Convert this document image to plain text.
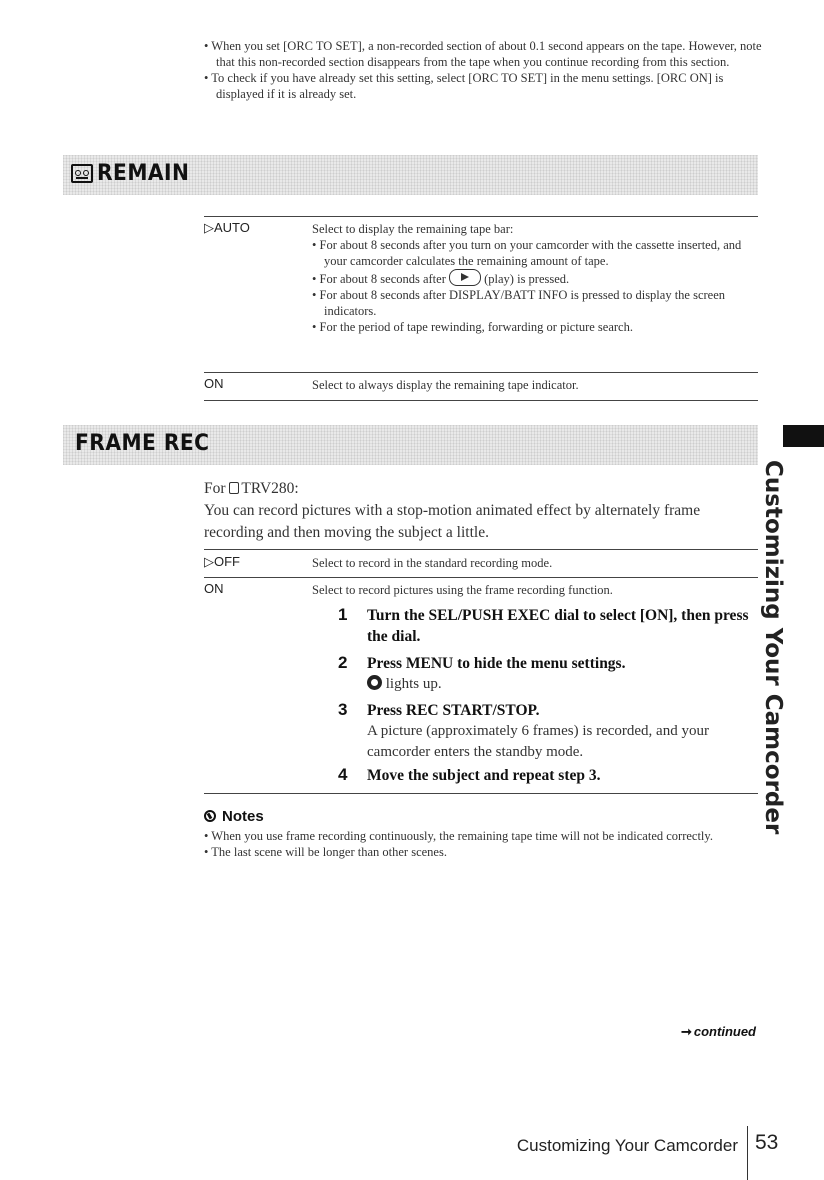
• When you set [ORC TO SET], a non-recorded section of about 0.1 second appears on the tape. However, note that this non-recorded section disappears from the tape when you continue recording from this section.

• To check if you have already set this setting, select [ORC TO SET] in the menu settings. [ORC ON] is displayed if it is already set.

REMAIN
▷AUTO	Select to display the remaining tape bar:

• For about 8 seconds after you turn on your camcorder with the cassette inserted, and your camcorder calculates the remaining amount of tape.

• For about 8 seconds after	(play) is pressed.

• For about 8 seconds after DISPLAY/BATT INFO is pressed to display the screen indicators.

• For the period of tape rewinding, forwarding or picture search.

ON	Select to always display the remaining tape indicator.
FRAME REC
For TRV280:
You can record pictures with a stop-motion animated effect by alternately frame recording and then moving the subject a little.
▷OFF	Select to record in the standard recording mode.
ON	Select to record pictures using the frame recording function.
1 Turn the SEL/PUSH EXEC dial to select [ON], then press the dial.
2 Press MENU to hide the menu settings.
lights up.
3 Press REC START/STOP.
A picture (approximately 6 frames) is recorded, and your camcorder enters the standby mode.
4 Move the subject and repeat step 3.
Notes

• When you use frame recording continuously, the remaining tape time will not be indicated correctly.

• The last scene will be longer than other scenes.

Customizing Your Camcorder
➞ continued
Customizing Your Camcorder 53
